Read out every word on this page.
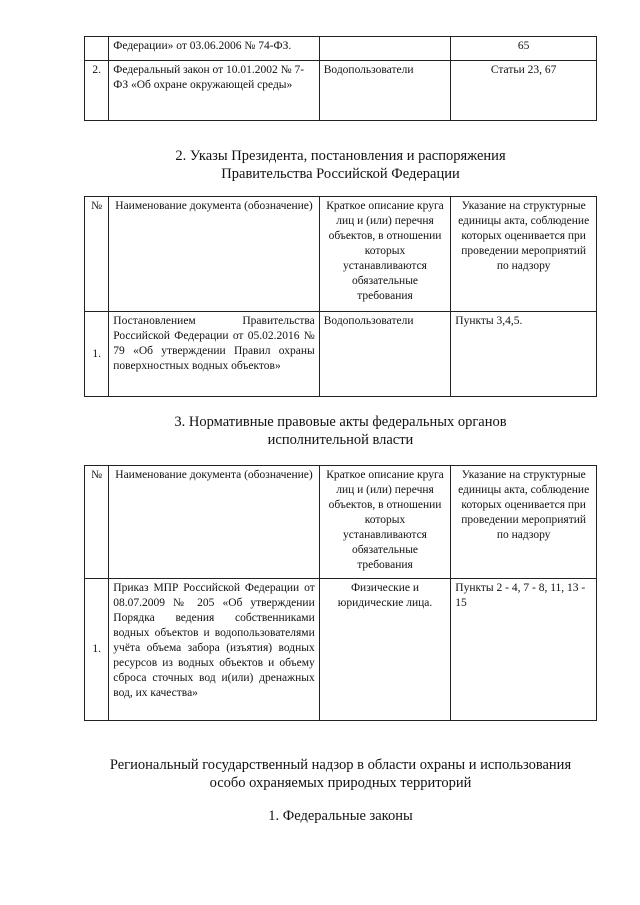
	Федерации» от 03.06.2006 № 74-ФЗ.		65
2.	Федеральный закон от 10.01.2002 № 7-ФЗ «Об охране окружающей среды»	Водопользователи	Статьи 23, 67
2. Указы Президента, постановления и распоряжения
Правительства Российской Федерации
№	Наименование документа (обозначение)	Краткое описание круга лиц и (или) перечня объектов, в отношении которых устанавливаются обязательные требования	Указание на структурные единицы акта, соблюдение которых оценивается при проведении мероприятий по надзору
1.	Постановлением Правительства Российской Федерации от 05.02.2016 № 79 «Об утверждении Правил охраны поверхностных водных объектов»	Водопользователи	Пункты 3,4,5.
3. Нормативные правовые акты федеральных органов
исполнительной власти
№	Наименование документа (обозначение)	Краткое описание круга лиц и (или) перечня объектов, в отношении которых устанавливаются обязательные требования	Указание на структурные единицы акта, соблюдение которых оценивается при проведении мероприятий по надзору
1.	Приказ МПР Российской Федерации от 08.07.2009 № 205 «Об утверждении Порядка ведения собственниками водных объектов и водопользователями учёта объема забора (изъятия) водных ресурсов из водных объектов и объему сброса сточных вод и(или) дренажных вод, их качества»	Физические и юридические лица.	Пункты 2 - 4, 7 - 8, 11, 13 - 15
Региональный государственный надзор в области охраны и использования
особо охраняемых природных территорий
1. Федеральные законы
